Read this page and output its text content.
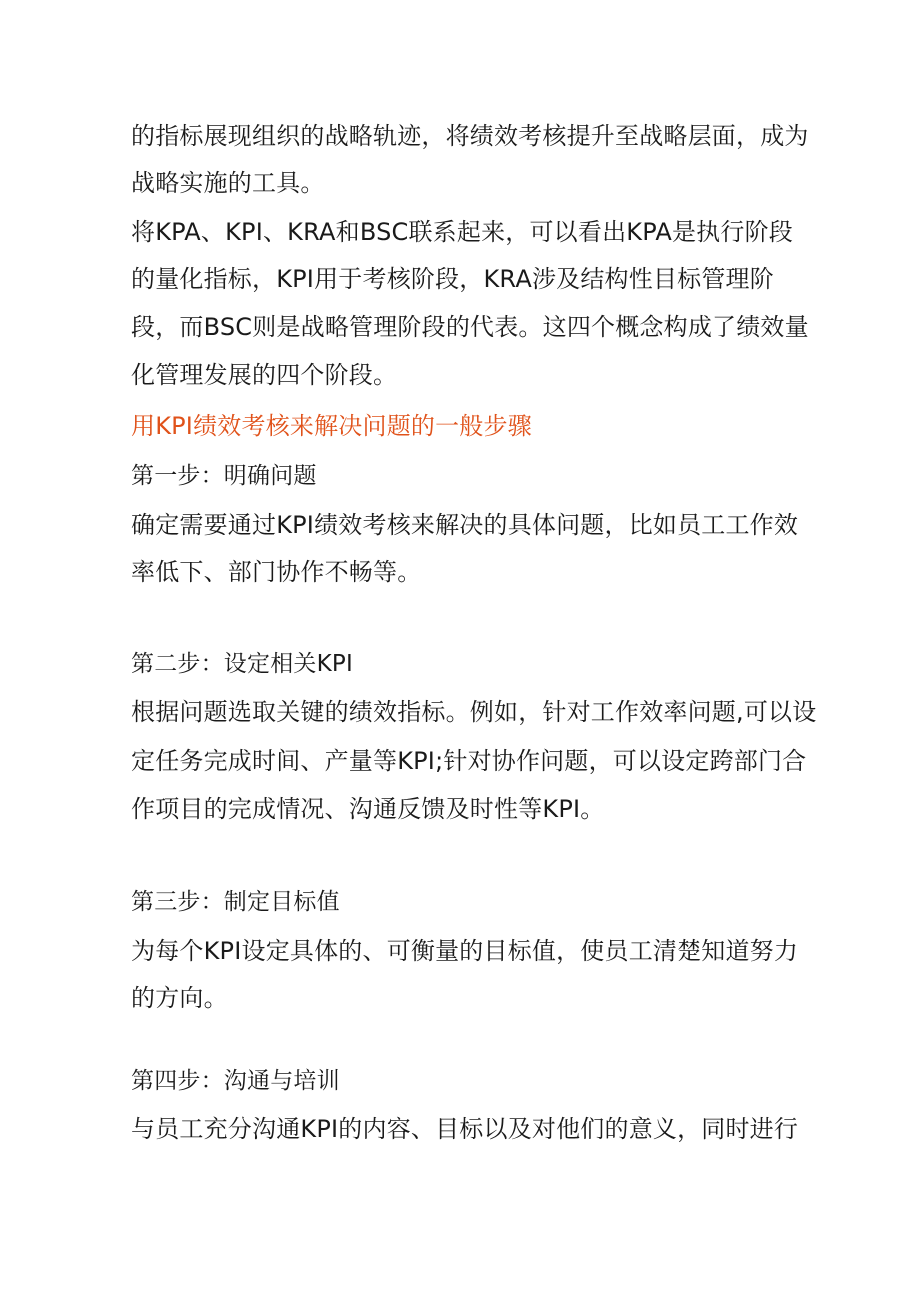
的指标展现组织的战略轨迹，将绩效考核提升至战略层面，成为
战略实施的工具。
将KPA、KPI、KRA和BSC联系起来，可以看出KPA是执行阶段
的量化指标，KPI用于考核阶段，KRA涉及结构性目标管理阶
段，而BSC则是战略管理阶段的代表。这四个概念构成了绩效量
化管理发展的四个阶段。
用KPI绩效考核来解决问题的一般步骤
第一步：明确问题
确定需要通过KPI绩效考核来解决的具体问题，比如员工工作效
率低下、部门协作不畅等。
第二步：设定相关KPI
根据问题选取关键的绩效指标。例如，针对工作效率问题,可以设
定任务完成时间、产量等KPI;针对协作问题，可以设定跨部门合
作项目的完成情况、沟通反馈及时性等KPI。
第三步：制定目标值
为每个KPI设定具体的、可衡量的目标值，使员工清楚知道努力
的方向。
第四步：沟通与培训
与员工充分沟通KPI的内容、目标以及对他们的意义，同时进行
